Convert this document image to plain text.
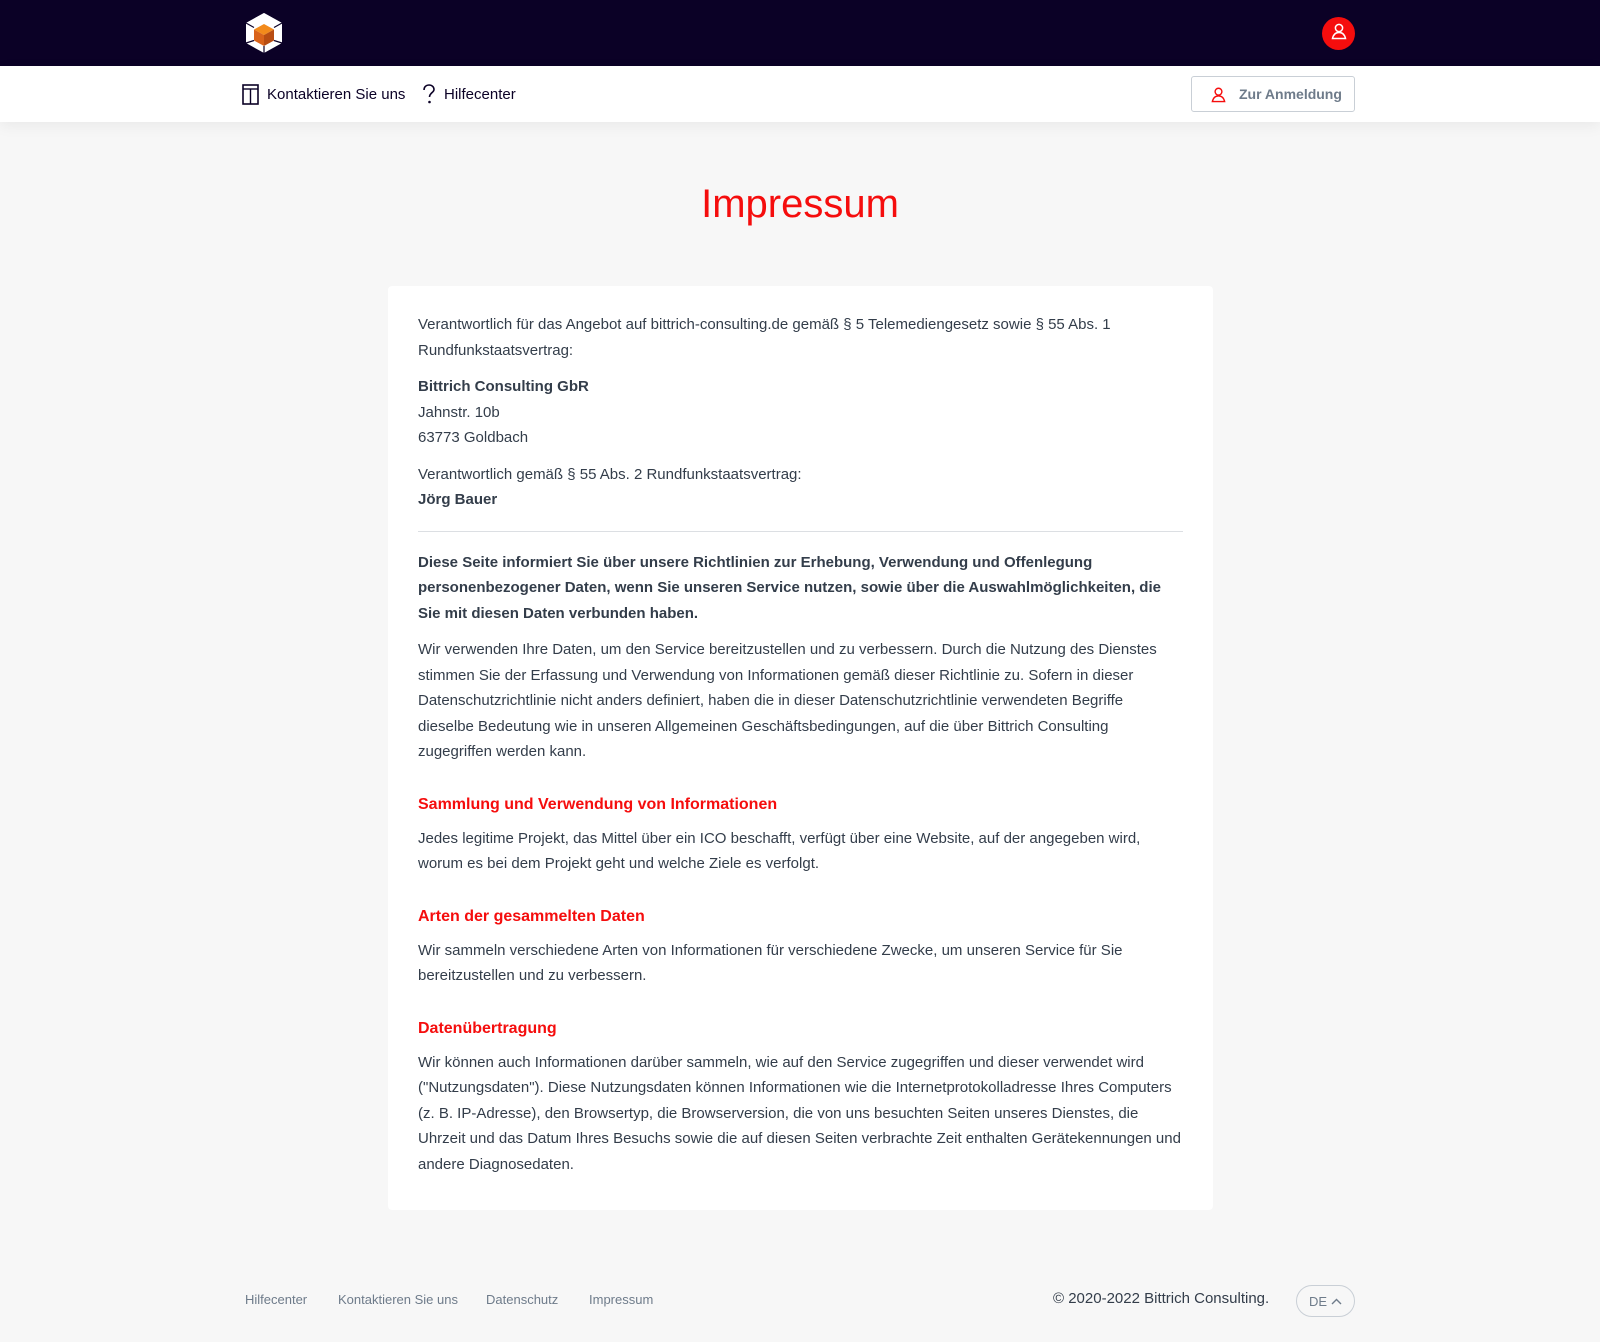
Kontaktieren Sie uns	Hilfecenter	Zur Anmeldung
Impressum

Verantwortlich für das Angebot auf bittrich-consulting.de gemäß § 5 Telemediengesetz sowie § 55 Abs. 1 Rundfunkstaatsvertrag:

Bittrich Consulting GbR
Jahnstr. 10b
63773 Goldbach

Verantwortlich gemäß § 55 Abs. 2 Rundfunkstaatsvertrag:
Jörg Bauer

Diese Seite informiert Sie über unsere Richtlinien zur Erhebung, Verwendung und Offenlegung personenbezogener Daten, wenn Sie unseren Service nutzen, sowie über die Auswahlmöglichkeiten, die Sie mit diesen Daten verbunden haben.

Wir verwenden Ihre Daten, um den Service bereitzustellen und zu verbessern. Durch die Nutzung des Dienstes stimmen Sie der Erfassung und Verwendung von Informationen gemäß dieser Richtlinie zu. Sofern in dieser Datenschutzrichtlinie nicht anders definiert, haben die in dieser Datenschutzrichtlinie verwendeten Begriffe dieselbe Bedeutung wie in unseren Allgemeinen Geschäftsbedingungen, auf die über Bittrich Consulting zugegriffen werden kann.

Sammlung und Verwendung von Informationen

Jedes legitime Projekt, das Mittel über ein ICO beschafft, verfügt über eine Website, auf der angegeben wird, worum es bei dem Projekt geht und welche Ziele es verfolgt.

Arten der gesammelten Daten

Wir sammeln verschiedene Arten von Informationen für verschiedene Zwecke, um unseren Service für Sie bereitzustellen und zu verbessern.

Datenübertragung

Wir können auch Informationen darüber sammeln, wie auf den Service zugegriffen und dieser verwendet wird ("Nutzungsdaten"). Diese Nutzungsdaten können Informationen wie die Internetprotokolladresse Ihres Computers (z. B. IP-Adresse), den Browsertyp, die Browserversion, die von uns besuchten Seiten unseres Dienstes, die Uhrzeit und das Datum Ihres Besuchs sowie die auf diesen Seiten verbrachte Zeit enthalten Gerätekennungen und andere Diagnosedaten.

Hilfecenter Kontaktieren Sie uns Datenschutz Impressum	© 2020-2022 Bittrich Consulting.	DE
